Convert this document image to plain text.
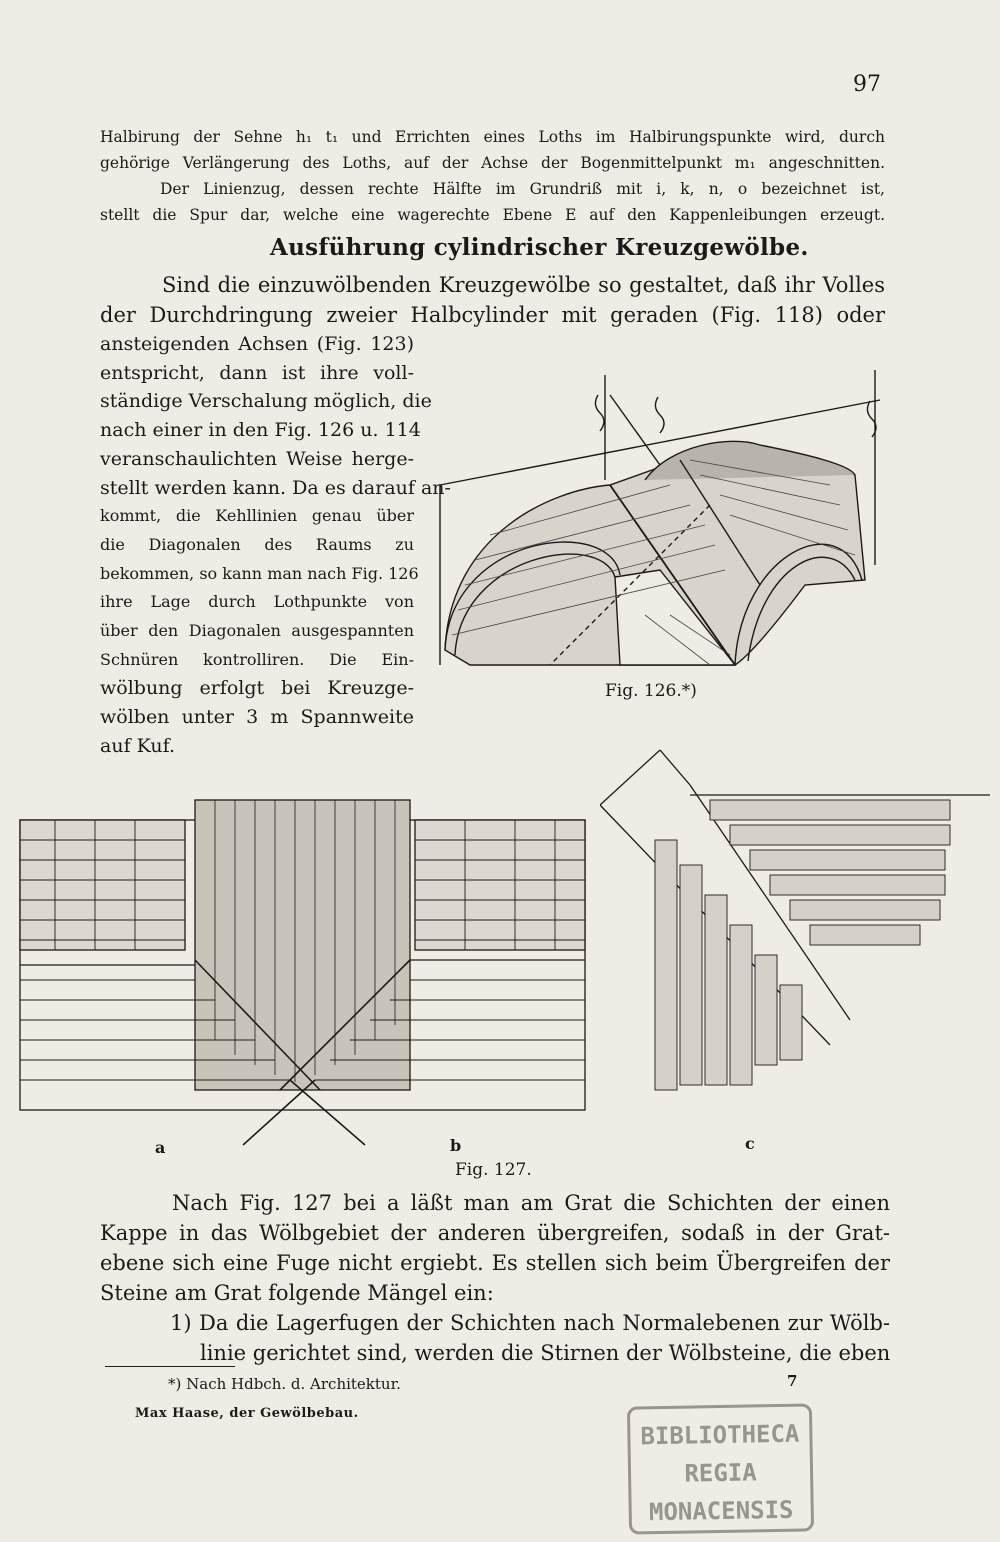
97
Halbirung der Sehne h₁ t₁ und Errichten eines Loths im Halbirungspunkte wird, durch
gehörige Verlängerung des Loths, auf der Achse der Bogenmittelpunkt m₁ angeschnitten.
Der Linienzug, dessen rechte Hälfte im Grundriß mit i, k, n, o bezeichnet ist,
stellt die Spur dar, welche eine wagerechte Ebene E auf den Kappenleibungen erzeugt.
Ausführung cylindrischer Kreuzgewölbe.
Sind die einzuwölbenden Kreuzgewölbe so gestaltet, daß ihr Volles
der Durchdringung zweier Halbcylinder mit geraden (Fig. 118) oder
ansteigenden Achsen (Fig. 123)
entspricht, dann ist ihre voll-
ständige Verschalung möglich, die
nach einer in den Fig. 126 u. 114
veranschaulichten Weise herge-
stellt werden kann. Da es darauf an-
kommt, die Kehllinien genau über
die Diagonalen des Raums zu
bekommen, so kann man nach Fig. 126
ihre Lage durch Lothpunkte von
über den Diagonalen ausgespannten
Schnüren kontrolliren. Die Ein-
wölbung erfolgt bei Kreuzge-
wölben unter 3 m Spannweite
auf Kuf.
Fig. 126.*)
a	b	c
Fig. 127.
Nach Fig. 127 bei a läßt man am Grat die Schichten der einen
Kappe in das Wölbgebiet der anderen übergreifen, sodaß in der Grat-
ebene sich eine Fuge nicht ergiebt. Es stellen sich beim Übergreifen der
Steine am Grat folgende Mängel ein:
1) Da die Lagerfugen der Schichten nach Normalebenen zur Wölb-
linie gerichtet sind, werden die Stirnen der Wölbsteine, die eben
*) Nach Hdbch. d. Architektur.
Max Haase, der Gewölbebau.
7
BIBLIOTHECA
REGIA
MONACENSIS
